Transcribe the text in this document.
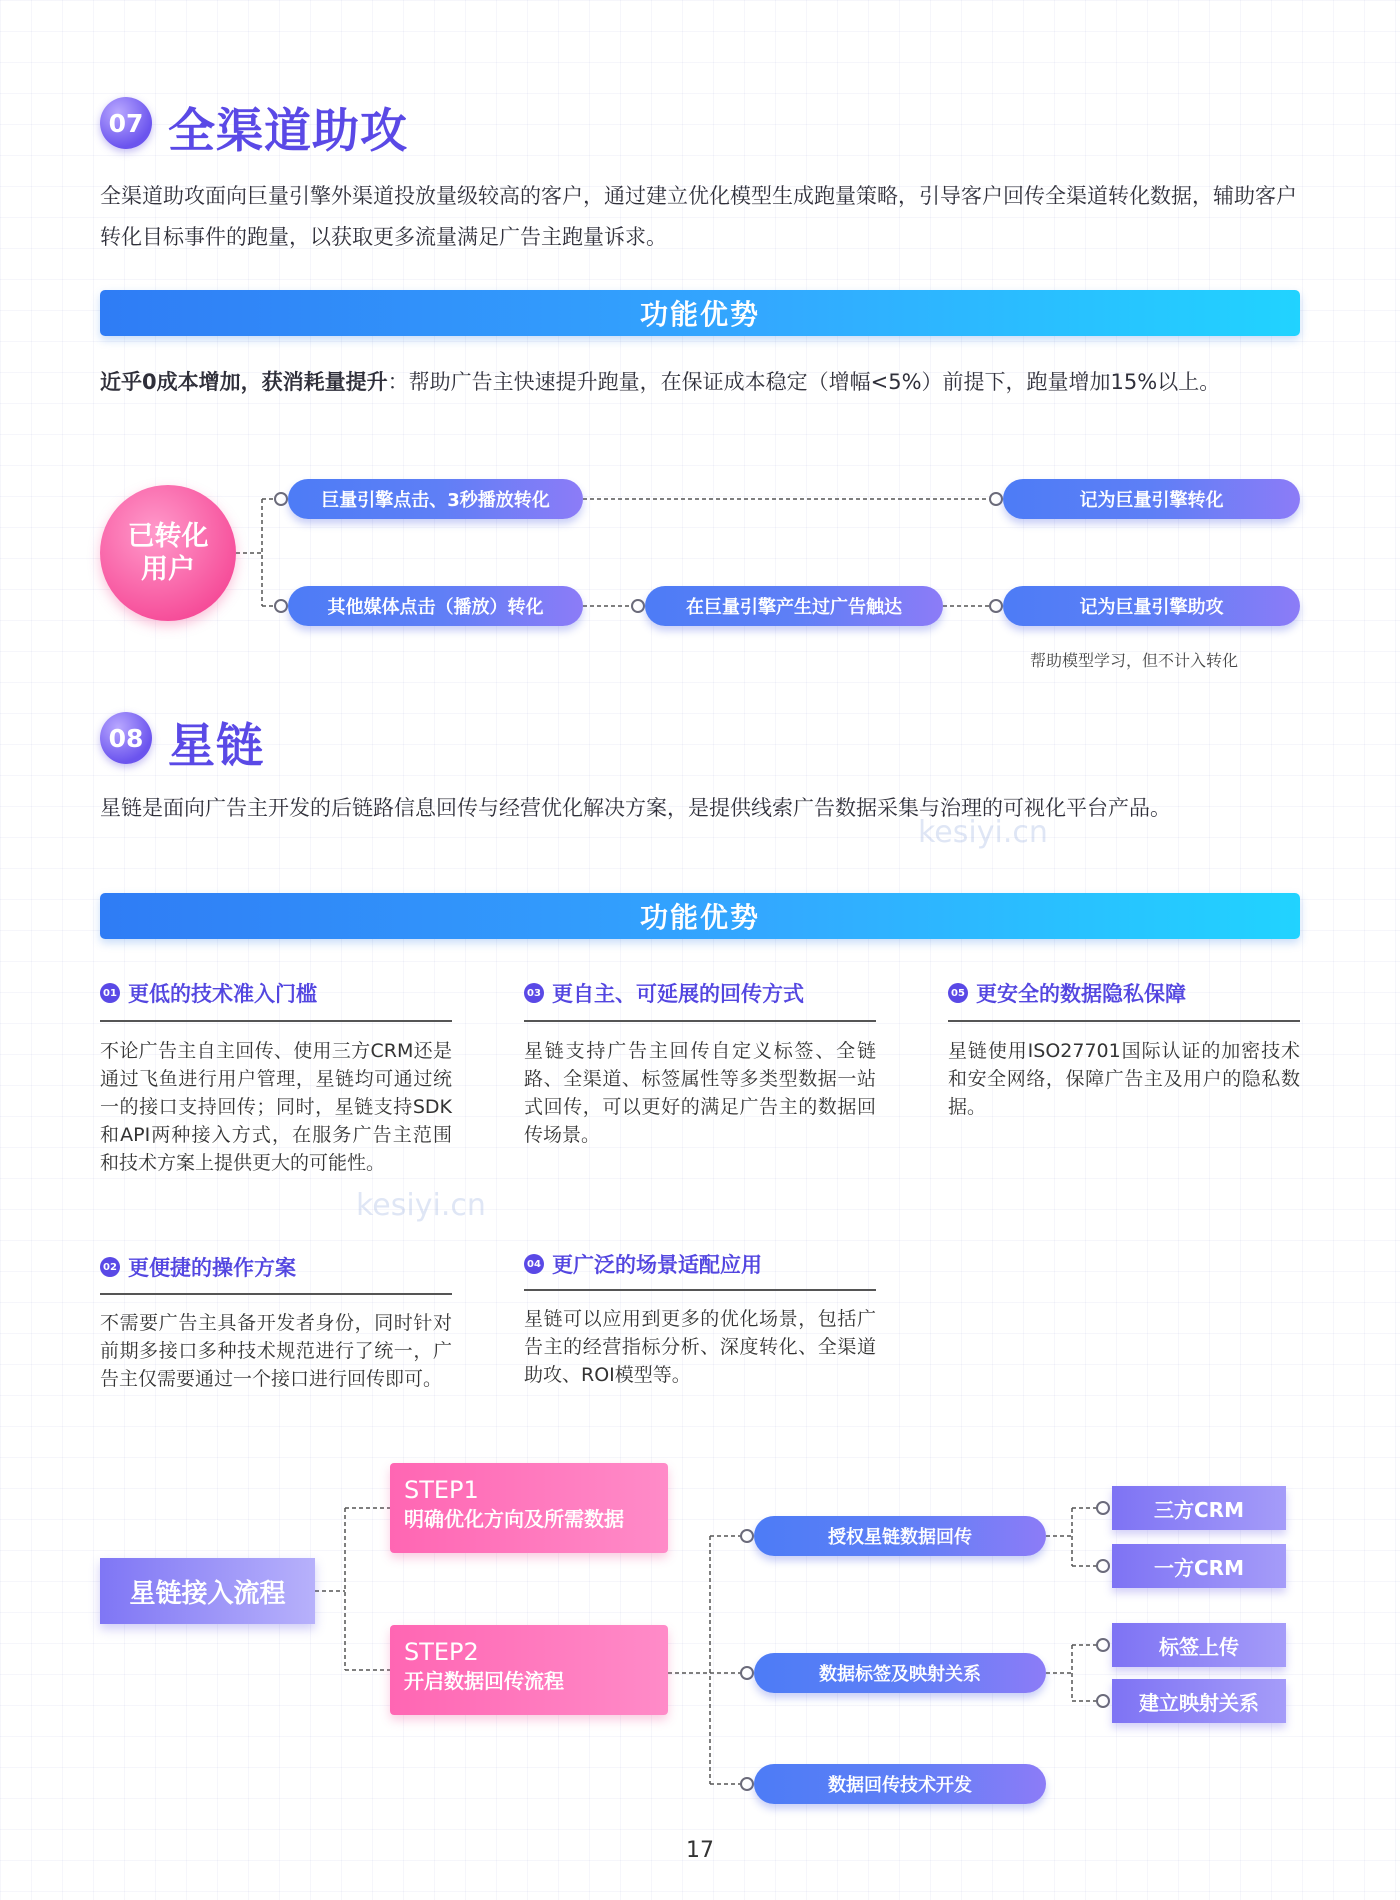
kesiyi.cn
kesiyi.cn
07 全渠道助攻
全渠道助攻面向巨量引擎外渠道投放量级较高的客户，通过建立优化模型生成跑量策略，引导客户回传全渠道转化数据，辅助客户转化目标事件的跑量，以获取更多流量满足广告主跑量诉求。
功能优势
近乎0成本增加，获消耗量提升：帮助广告主快速提升跑量，在保证成本稳定（增幅<5%）前提下，跑量增加15%以上。
已转化
用户
巨量引擎点击、3秒播放转化	记为巨量引擎转化
其他媒体点击（播放）转化	在巨量引擎产生过广告触达	记为巨量引擎助攻
帮助模型学习，但不计入转化
08 星链
星链是面向广告主开发的后链路信息回传与经营优化解决方案，是提供线索广告数据采集与治理的可视化平台产品。
功能优势
01 更低的技术准入门槛
不论广告主自主回传、使用三方CRM还是通过飞鱼进行用户管理，星链均可通过统一的接口支持回传；同时，星链支持SDK和API两种接入方式，在服务广告主范围和技术方案上提供更大的可能性。
02 更便捷的操作方案
不需要广告主具备开发者身份，同时针对前期多接口多种技术规范进行了统一，广告主仅需要通过一个接口进行回传即可。
03 更自主、可延展的回传方式
星链支持广告主回传自定义标签、全链路、全渠道、标签属性等多类型数据一站式回传，可以更好的满足广告主的数据回传场景。
04 更广泛的场景适配应用
星链可以应用到更多的优化场景，包括广告主的经营指标分析、深度转化、全渠道助攻、ROI模型等。
05 更安全的数据隐私保障
星链使用ISO27701国际认证的加密技术和安全网络，保障广告主及用户的隐私数据。
星链接入流程
STEP1
明确优化方向及所需数据
STEP2
开启数据回传流程
授权星链数据回传
数据标签及映射关系
数据回传技术开发
三方CRM
一方CRM
标签上传
建立映射关系
17
